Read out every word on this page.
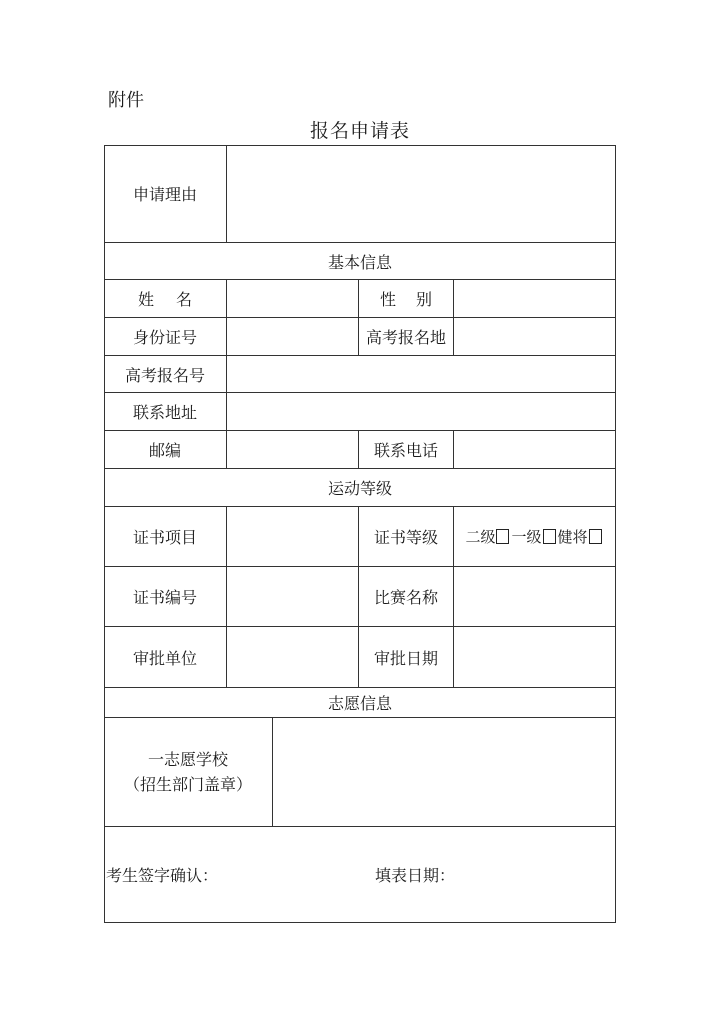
附件
报名申请表
申请理由
基本信息
姓 名	性 别
身份证号	高考报名地
高考报名号
联系地址
邮编	联系电话
运动等级
证书项目	证书等级	二级 一级 健将
证书编号	比赛名称
审批单位	审批日期
志愿信息
一志愿学校
（招生部门盖章）
考生签字确认：	填表日期：
